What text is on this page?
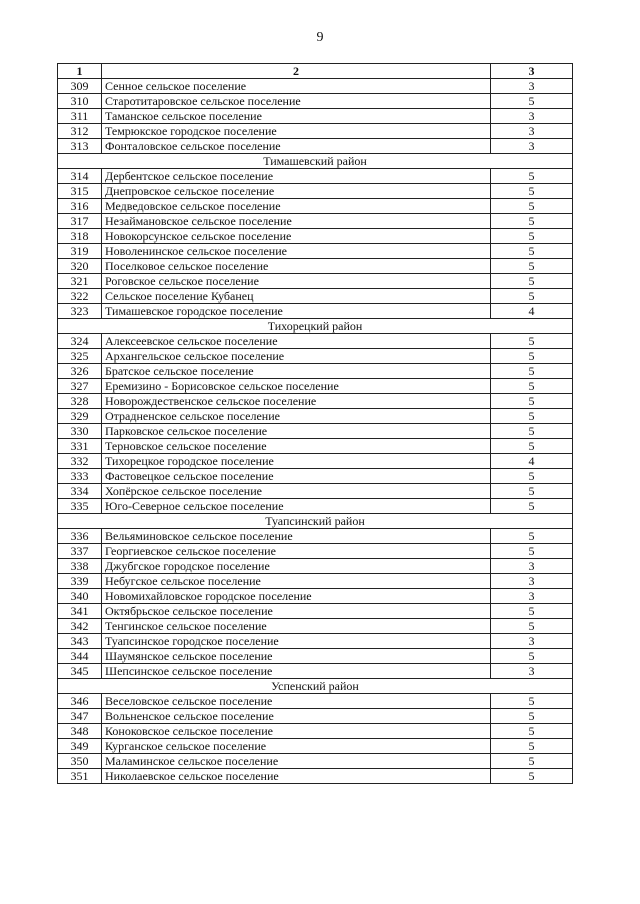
9
1	2	3
309	Сенное сельское поселение	3
310	Старотитаровское сельское поселение	5
311	Таманское сельское поселение	3
312	Темрюкское городское поселение	3
313	Фонталовское сельское поселение	3
Тимашевский район		
314	Дербентское сельское поселение	5
315	Днепровское сельское поселение	5
316	Медведовское сельское поселение	5
317	Незаймановское сельское поселение	5
318	Новокорсунское сельское поселение	5
319	Новоленинское сельское поселение	5
320	Поселковое сельское поселение	5
321	Роговское сельское поселение	5
322	Сельское поселение Кубанец	5
323	Тимашевское городское поселение	4
Тихорецкий район		
324	Алексеевское сельское поселение	5
325	Архангельское сельское поселение	5
326	Братское сельское поселение	5
327	Еремизино - Борисовское сельское поселение	5
328	Новорождественское сельское поселение	5
329	Отрадненское сельское поселение	5
330	Парковское сельское поселение	5
331	Терновское сельское поселение	5
332	Тихорецкое городское поселение	4
333	Фастовецкое сельское поселение	5
334	Хопёрское сельское поселение	5
335	Юго-Северное сельское поселение	5
Туапсинский район		
336	Вельяминовское сельское поселение	5
337	Георгиевское сельское поселение	5
338	Джубгское городское поселение	3
339	Небугское сельское поселение	3
340	Новомихайловское городское поселение	3
341	Октябрьское сельское поселение	5
342	Тенгинское сельское поселение	5
343	Туапсинское городское поселение	3
344	Шаумянское сельское поселение	5
345	Шепсинское сельское поселение	3
Успенский район		
346	Веселовское сельское поселение	5
347	Вольненское сельское поселение	5
348	Коноковское сельское поселение	5
349	Курганское сельское поселение	5
350	Маламинское сельское поселение	5
351	Николаевское сельское поселение	5
